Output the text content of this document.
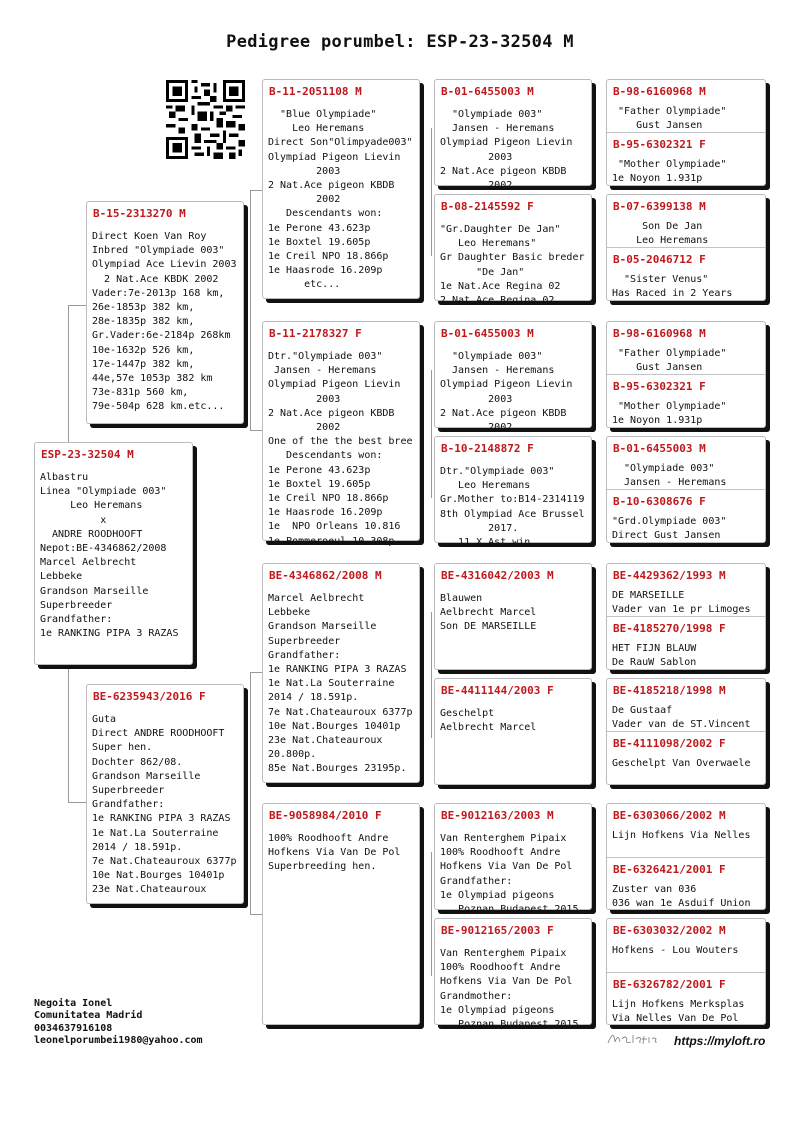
Pedigree porumbel: ESP-23-32504 M
ESP-23-32504 M
Albastru
Linea "Olympiade 003"
Leo Heremans
x
ANDRE ROODHOOFT
Nepot:BE-4346862/2008
Marcel Aelbrecht
Lebbeke
Grandson Marseille
Superbreeder
Grandfather:
1e RANKING PIPA 3 RAZAS
B-15-2313270 M
Direct Koen Van Roy
Inbred "Olympiade 003"
Olympiad Ace Lievin 2003
2 Nat.Ace KBDK 2002
Vader:7e-2013p 168 km,
26e-1853p 382 km,
28e-1835p 382 km,
Gr.Vader:6e-2184p 268km
10e-1632p 526 km,
17e-1447p 382 km,
44e,57e 1053p 382 km
73e-831p 560 km,
79e-504p 628 km.etc...
BE-6235943/2016 F
Guta
Direct ANDRE ROODHOOFT
Super hen.
Dochter 862/08.
Grandson Marseille
Superbreeder
Grandfather:
1e RANKING PIPA 3 RAZAS
1e Nat.La Souterraine
2014 / 18.591p.
7e Nat.Chateauroux 6377p
10e Nat.Bourges 10401p
23e Nat.Chateauroux
B-11-2051108 M
"Blue Olympiade"
Leo Heremans
Direct Son"Olimpyade003"
Olympiad Pigeon Lievin
2003
2 Nat.Ace pigeon KBDB
2002
Descendants won:
1e Perone 43.623p
1e Boxtel 19.605p
1e Creil NPO 18.866p
1e Haasrode 16.209p
etc...
B-11-2178327 F
Dtr."Olympiade 003"
Jansen - Heremans
Olympiad Pigeon Lievin
2003
2 Nat.Ace pigeon KBDB
2002
One of the the best bree
Descendants won:
1e Perone 43.623p
1e Boxtel 19.605p
1e Creil NPO 18.866p
1e Haasrode 16.209p
1e  NPO Orleans 10.816
1e Pommeroeul 10.308p
BE-4346862/2008 M
Marcel Aelbrecht
Lebbeke
Grandson Marseille
Superbreeder
Grandfather:
1e RANKING PIPA 3 RAZAS
1e Nat.La Souterraine
2014 / 18.591p.
7e Nat.Chateauroux 6377p
10e Nat.Bourges 10401p
23e Nat.Chateauroux
20.800p.
85e Nat.Bourges 23195p.
BE-9058984/2010 F
100% Roodhooft Andre
Hofkens Via Van De Pol
Superbreeding hen.
B-01-6455003 M
"Olympiade 003"
Jansen - Heremans
Olympiad Pigeon Lievin
2003
2 Nat.Ace pigeon KBDB
2002
B-08-2145592 F
"Gr.Daughter De Jan"
Leo Heremans"
Gr Daughter Basic breder
"De Jan"
1e Nat.Ace Regina 02
2 Nat.Ace Regina 02
B-01-6455003 M
"Olympiade 003"
Jansen - Heremans
Olympiad Pigeon Lievin
2003
2 Nat.Ace pigeon KBDB
2002
B-10-2148872 F
Dtr."Olympiade 003"
Leo Heremans
Gr.Mother to:B14-2314119
8th Olympiad Ace Brussel
2017.
11 X Ast.win
BE-4316042/2003 M
Blauwen
Aelbrecht Marcel
Son DE MARSEILLE
BE-4411144/2003 F
Geschelpt
Aelbrecht Marcel
BE-9012163/2003 M
Van Renterghem Pipaix
100% Roodhooft Andre
Hofkens Via Van De Pol
Grandfather:
1e Olympiad pigeons
Poznan Budapest 2015
BE-9012165/2003 F
Van Renterghem Pipaix
100% Roodhooft Andre
Hofkens Via Van De Pol
Grandmother:
1e Olympiad pigeons
Poznan Budapest 2015
B-98-6160968 M
"Father Olympiade"
Gust Jansen
B-95-6302321 F
"Mother Olympiade"
1e Noyon 1.931p
B-07-6399138 M
Son De Jan
Leo Heremans
B-05-2046712 F
"Sister Venus"
Has Raced in 2 Years
B-98-6160968 M
"Father Olympiade"
Gust Jansen
B-95-6302321 F
"Mother Olympiade"
1e Noyon 1.931p
B-01-6455003 M
"Olympiade 003"
Jansen - Heremans
B-10-6308676 F
"Grd.Olympiade 003"
Direct Gust Jansen
BE-4429362/1993 M
DE MARSEILLE
Vader van 1e pr Limoges
BE-4185270/1998 F
HET FIJN BLAUW
De RauW Sablon
BE-4185218/1998 M
De Gustaaf
Vader van de ST.Vincent
BE-4111098/2002 F
Geschelpt Van Overwaele
BE-6303066/2002 M
Lijn Hofkens Via Nelles
BE-6326421/2001 F
Zuster van 036
036 wan 1e Asduif Union
BE-6303032/2002 M
Hofkens - Lou Wouters
BE-6326782/2001 F
Lijn Hofkens Merksplas
Via Nelles Van De Pol
Negoita Ionel
Comunitatea Madrid
0034637916108
leonelporumbei1980@yahoo.com	https://myloft.ro
